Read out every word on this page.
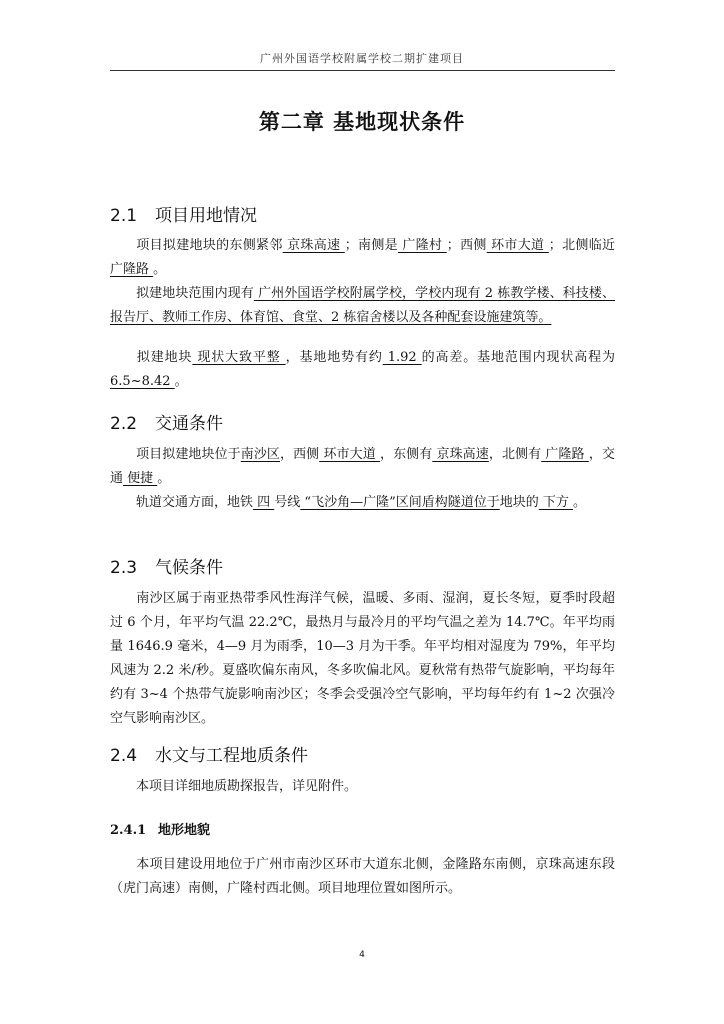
广州外国语学校附属学校二期扩建项目
第二章 基地现状条件
2.1 项目用地情况
项目拟建地块的东侧紧邻 京珠高速 ；南侧是 广隆村 ；西侧 环市大道 ；北侧临近 广隆路 。
拟建地块范围内现有 广州外国语学校附属学校，学校内现有 2 栋教学楼、科技楼、报告厅、教师工作房、体育馆、食堂、2 栋宿舍楼以及各种配套设施建筑等。
拟建地块 现状大致平整 ，基地地势有约 1.92 的高差。基地范围内现状高程为 6.5~8.42 。
2.2 交通条件
项目拟建地块位于南沙区，西侧 环市大道 ，东侧有 京珠高速，北侧有 广隆路 ，交通 便捷 。
轨道交通方面，地铁 四 号线 “飞沙角—广隆”区间盾构隧道位于地块的 下方 。
2.3 气候条件
南沙区属于南亚热带季风性海洋气候，温暖、多雨、湿润，夏长冬短，夏季时段超过 6 个月，年平均气温 22.2℃，最热月与最冷月的平均气温之差为 14.7℃。年平均雨量 1646.9 毫米，4—9 月为雨季，10—3 月为干季。年平均相对湿度为 79%，年平均风速为 2.2 米/秒。夏盛吹偏东南风，冬多吹偏北风。夏秋常有热带气旋影响，平均每年约有 3~4 个热带气旋影响南沙区；冬季会受强冷空气影响，平均每年约有 1~2 次强冷空气影响南沙区。
2.4 水文与工程地质条件
本项目详细地质勘探报告，详见附件。
2.4.1 地形地貌
本项目建设用地位于广州市南沙区环市大道东北侧，金隆路东南侧，京珠高速东段（虎门高速）南侧，广隆村西北侧。项目地理位置如图所示。
4
